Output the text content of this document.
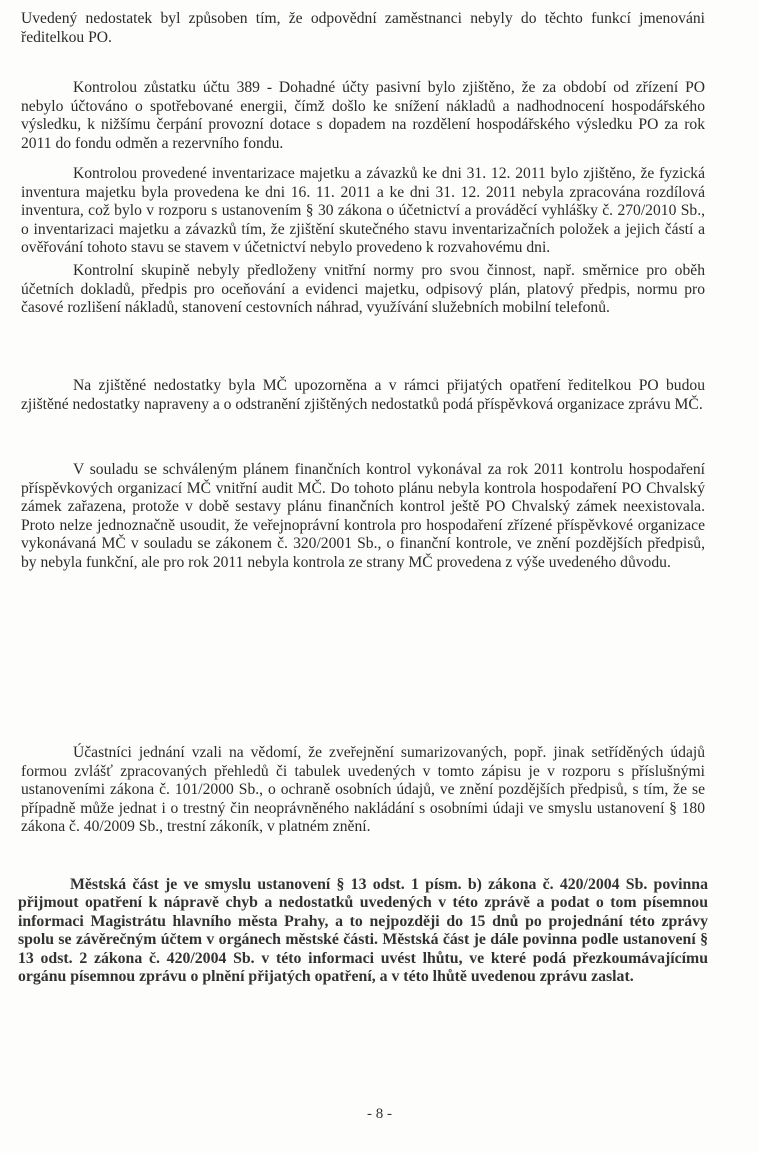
Uvedený nedostatek byl způsoben tím, že odpovědní zaměstnanci nebyly do těchto funkcí jmenováni ředitelkou PO.

Kontrolou zůstatku účtu 389 - Dohadné účty pasivní bylo zjištěno, že za období od zřízení PO nebylo účtováno o spotřebované energii, čímž došlo ke snížení nákladů a nadhodnocení hospodářského výsledku, k nižšímu čerpání provozní dotace s dopadem na rozdělení hospodářského výsledku PO za rok 2011 do fondu odměn a rezervního fondu.

Kontrolou provedené inventarizace majetku a závazků ke dni 31. 12. 2011 bylo zjištěno, že fyzická inventura majetku byla provedena ke dni 16. 11. 2011 a ke dni 31. 12. 2011 nebyla zpracována rozdílová inventura, což bylo v rozporu s ustanovením § 30 zákona o účetnictví a prováděcí vyhlášky č. 270/2010 Sb., o inventarizaci majetku a závazků tím, že zjištění skutečného stavu inventarizačních položek a jejich částí a ověřování tohoto stavu se stavem v účetnictví nebylo provedeno k rozvahovému dni.

Kontrolní skupině nebyly předloženy vnitřní normy pro svou činnost, např. směrnice pro oběh účetních dokladů, předpis pro oceňování a evidenci majetku, odpisový plán, platový předpis, normu pro časové rozlišení nákladů, stanovení cestovních náhrad, využívání služebních mobilní telefonů.

Na zjištěné nedostatky byla MČ upozorněna a v rámci přijatých opatření ředitelkou PO budou zjištěné nedostatky napraveny a o odstranění zjištěných nedostatků podá příspěvková organizace zprávu MČ.

V souladu se schváleným plánem finančních kontrol vykonával za rok 2011 kontrolu hospodaření příspěvkových organizací MČ vnitřní audit MČ. Do tohoto plánu nebyla kontrola hospodaření PO Chvalský zámek zařazena, protože v době sestavy plánu finančních kontrol ještě PO Chvalský zámek neexistovala. Proto nelze jednoznačně usoudit, že veřejnoprávní kontrola pro hospodaření zřízené příspěvkové organizace vykonávaná MČ v souladu se zákonem č. 320/2001 Sb., o finanční kontrole, ve znění pozdějších předpisů, by nebyla funkční, ale pro rok 2011 nebyla kontrola ze strany MČ provedena z výše uvedeného důvodu.

Účastníci jednání vzali na vědomí, že zveřejnění sumarizovaných, popř. jinak setříděných údajů formou zvlášť zpracovaných přehledů či tabulek uvedených v tomto zápisu je v rozporu s příslušnými ustanoveními zákona č. 101/2000 Sb., o ochraně osobních údajů, ve znění pozdějších předpisů, s tím, že se případně může jednat i o trestný čin neoprávněného nakládání s osobními údaji ve smyslu ustanovení § 180 zákona č. 40/2009 Sb., trestní zákoník, v platném znění.

Městská část je ve smyslu ustanovení § 13 odst. 1 písm. b) zákona č. 420/2004 Sb. povinna přijmout opatření k nápravě chyb a nedostatků uvedených v této zprávě a podat o tom písemnou informaci Magistrátu hlavního města Prahy, a to nejpozději do 15 dnů po projednání této zprávy spolu se závěrečným účtem v orgánech městské části. Městská část je dále povinna podle ustanovení § 13 odst. 2 zákona č. 420/2004 Sb. v této informaci uvést lhůtu, ve které podá přezkoumávajícímu orgánu písemnou zprávu o plnění přijatých opatření, a v této lhůtě uvedenou zprávu zaslat.

- 8 -
